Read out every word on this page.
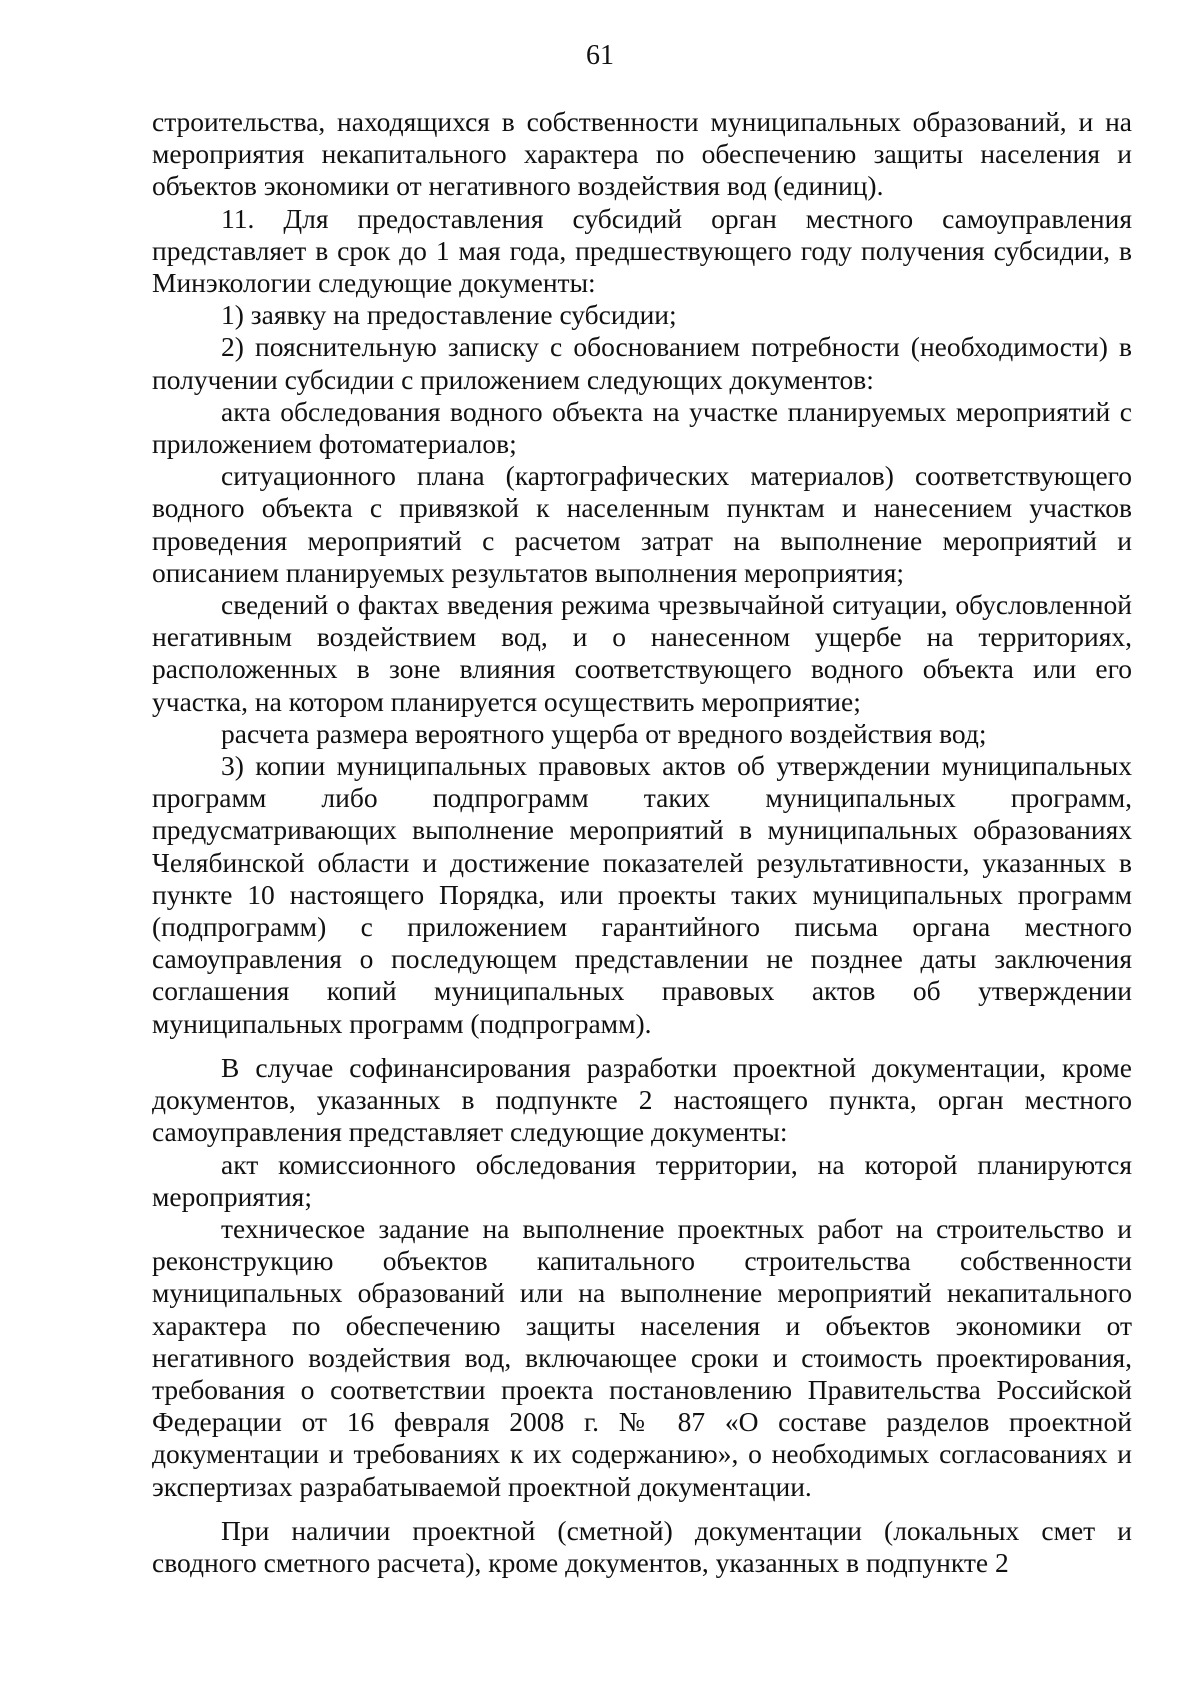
61

строительства, находящихся в собственности муниципальных образований, и на мероприятия некапитального характера по обеспечению защиты населения и объектов экономики от негативного воздействия вод (единиц).

11. Для предоставления субсидий орган местного самоуправления представляет в срок до 1 мая года, предшествующего году получения субсидии, в Минэкологии следующие документы:

1) заявку на предоставление субсидии;

2) пояснительную записку с обоснованием потребности (необходимости) в получении субсидии с приложением следующих документов:

акта обследования водного объекта на участке планируемых мероприятий с приложением фотоматериалов;

ситуационного плана (картографических материалов) соответствующего водного объекта с привязкой к населенным пунктам и нанесением участков проведения мероприятий с расчетом затрат на выполнение мероприятий и описанием планируемых результатов выполнения мероприятия;

сведений о фактах введения режима чрезвычайной ситуации, обусловленной негативным воздействием вод, и о нанесенном ущербе на территориях, расположенных в зоне влияния соответствующего водного объекта или его участка, на котором планируется осуществить мероприятие;

расчета размера вероятного ущерба от вредного воздействия вод;

3) копии муниципальных правовых актов об утверждении муниципальных программ либо подпрограмм таких муниципальных программ, предусматривающих выполнение мероприятий в муниципальных образованиях Челябинской области и достижение показателей результативности, указанных в пункте 10 настоящего Порядка, или проекты таких муниципальных программ (подпрограмм) с приложением гарантийного письма органа местного самоуправления о последующем представлении не позднее даты заключения соглашения копий муниципальных правовых актов об утверждении муниципальных программ (подпрограмм).

В случае софинансирования разработки проектной документации, кроме документов, указанных в подпункте 2 настоящего пункта, орган местного самоуправления представляет следующие документы:

акт комиссионного обследования территории, на которой планируются мероприятия;

техническое задание на выполнение проектных работ на строительство и реконструкцию объектов капитального строительства собственности муниципальных образований или на выполнение мероприятий некапитального характера по обеспечению защиты населения и объектов экономики от негативного воздействия вод, включающее сроки и стоимость проектирования, требования о соответствии проекта постановлению Правительства Российской Федерации от 16 февраля 2008 г. № 87 «О составе разделов проектной документации и требованиях к их содержанию», о необходимых согласованиях и экспертизах разрабатываемой проектной документации.

При наличии проектной (сметной) документации (локальных смет и сводного сметного расчета), кроме документов, указанных в подпункте 2
